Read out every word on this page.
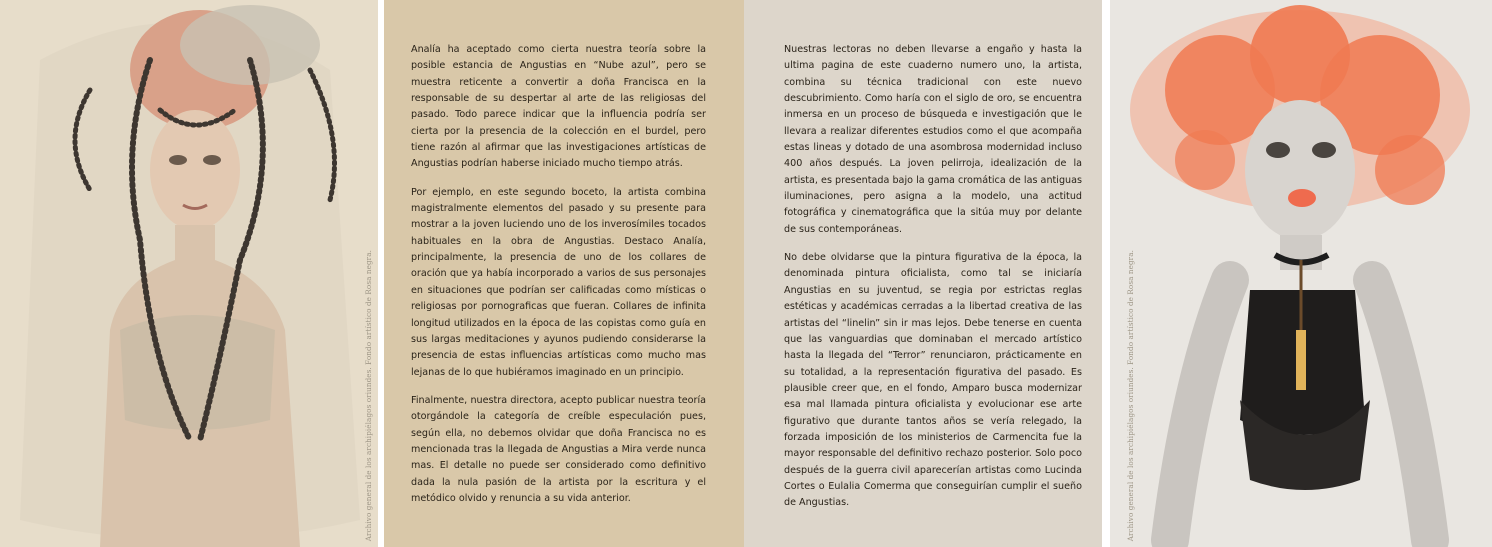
Archivo general de los archipiélagos oriundes. Fondo artístico de Rosa negra.

Analía ha aceptado como cierta nuestra teoría sobre la posible estancia de Angustias en “Nube azul”, pero se muestra reticente a convertir a doña Francisca en la responsable de su despertar al arte de las religiosas del pasado. Todo parece indicar que la influencia podría ser cierta por la presencia de la colección en el burdel, pero tiene razón al afirmar que las investigaciones artísticas de Angustias podrían haberse iniciado mucho tiempo atrás.

Por ejemplo, en este segundo boceto, la artista combina magistralmente elementos del pasado y su presente para mostrar a la joven luciendo uno de los inverosímiles tocados habituales en la obra de Angustias. Destaco Analía, principalmente, la presencia de uno de los collares de oración que ya había incorporado a varios de sus personajes en situaciones que podrían ser calificadas como místicas o religiosas por pornograficas que fueran. Collares de infinita longitud utilizados en la época de las copistas como guía en sus largas meditaciones y ayunos pudiendo considerarse la presencia de estas influencias artísticas como mucho mas lejanas de lo que hubiéramos imaginado en un principio.

Finalmente, nuestra directora, acepto publicar nuestra teoría otorgándole la categoría de creíble especulación pues, según ella, no debemos olvidar que doña Francisca no es mencionada tras la llegada de Angustias a Mira verde nunca mas. El detalle no puede ser considerado como definitivo dada la nula pasión de la artista por la escritura y el metódico olvido y renuncia a su vida anterior.

Nuestras lectoras no deben llevarse a engaño y hasta la ultima pagina de este cuaderno numero uno, la artista, combina su técnica tradicional con este nuevo descubrimiento. Como haría con el siglo de oro, se encuentra inmersa en un proceso de búsqueda e investigación que le llevara a realizar diferentes estudios como el que acompaña estas lineas y dotado de una asombrosa modernidad incluso 400 años después. La joven pelirroja, idealización de la artista, es presentada bajo la gama cromática de las antiguas iluminaciones, pero asigna a la modelo, una actitud fotográfica y cinematográfica que la sitúa muy por delante de sus contemporáneas.

No debe olvidarse que la pintura figurativa de la época, la denominada pintura oficialista, como tal se iniciaría Angustias en su juventud, se regia por estrictas reglas estéticas y académicas cerradas a la libertad creativa de las artistas del “linelin” sin ir mas lejos. Debe tenerse en cuenta que las vanguardias que dominaban el mercado artístico hasta la llegada del “Terror” renunciaron, prácticamente en su totalidad, a la representación figurativa del pasado. Es plausible creer que, en el fondo, Amparo busca modernizar esa mal llamada pintura oficialista y evolucionar ese arte figurativo que durante tantos años se vería relegado, la forzada imposición de los ministerios de Carmencita fue la mayor responsable del definitivo rechazo posterior. Solo poco después de la guerra civil aparecerían artistas como Lucinda Cortes o Eulalia Comerma que conseguirían cumplir el sueño de Angustias.	Archivo general de los archipiélagos oriundes. Fondo artístico de Rosa negra.
